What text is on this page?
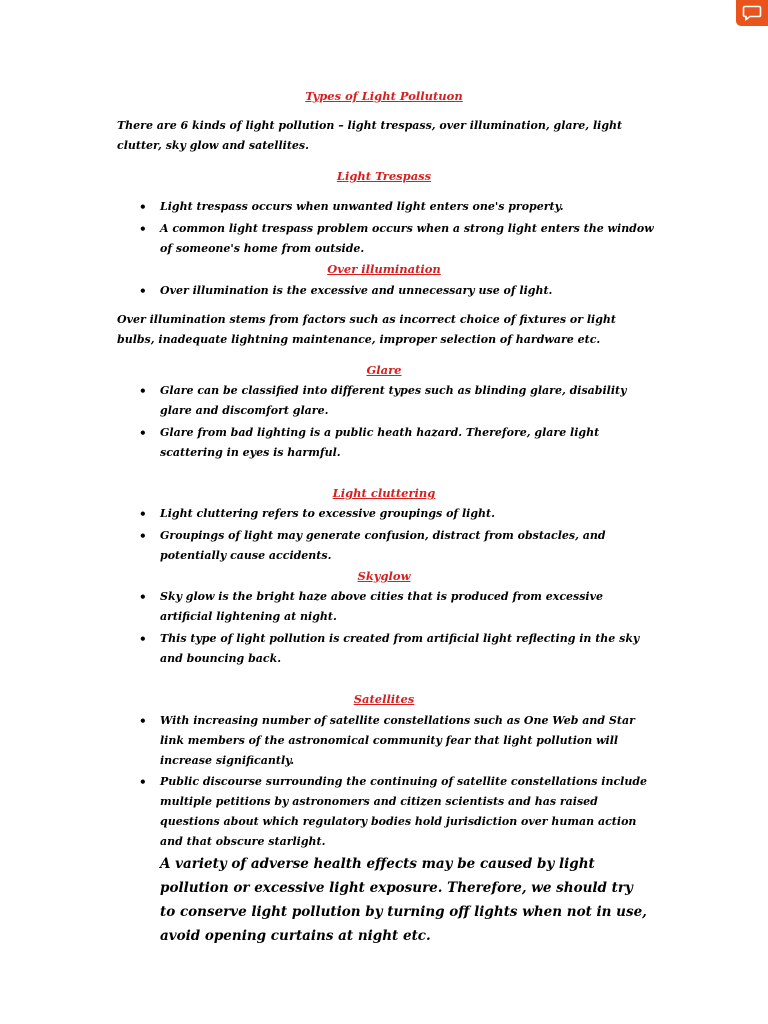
Types of Light Pollutuon
There are 6 kinds of light pollution – light trespass, over illumination, glare, light clutter, sky glow and satellites.
Light Trespass
• Light trespass occurs when unwanted light enters one's property.
• A common light trespass problem occurs when a strong light enters the window of someone's home from outside.
Over illumination
• Over illumination is the excessive and unnecessary use of light.
Over illumination stems from factors such as incorrect choice of fixtures or light bulbs, inadequate lightning maintenance, improper selection of hardware etc.
Glare
• Glare can be classified into different types such as blinding glare, disability glare and discomfort glare.
• Glare from bad lighting is a public heath hazard. Therefore, glare light scattering in eyes is harmful.
Light cluttering
• Light cluttering refers to excessive groupings of light.
• Groupings of light may generate confusion, distract from obstacles, and potentially cause accidents.
Skyglow
• Sky glow is the bright haze above cities that is produced from excessive artificial lightening at night.
• This type of light pollution is created from artificial light reflecting in the sky and bouncing back.
Satellites
• With increasing number of satellite constellations such as One Web and Star link members of the astronomical community fear that light pollution will increase significantly.
• Public discourse surrounding the continuing of satellite constellations include multiple petitions by astronomers and citizen scientists and has raised questions about which regulatory bodies hold jurisdiction over human action and that obscure starlight.
A variety of adverse health effects may be caused by light pollution or excessive light exposure. Therefore, we should try to conserve light pollution by turning off lights when not in use, avoid opening curtains at night etc.
